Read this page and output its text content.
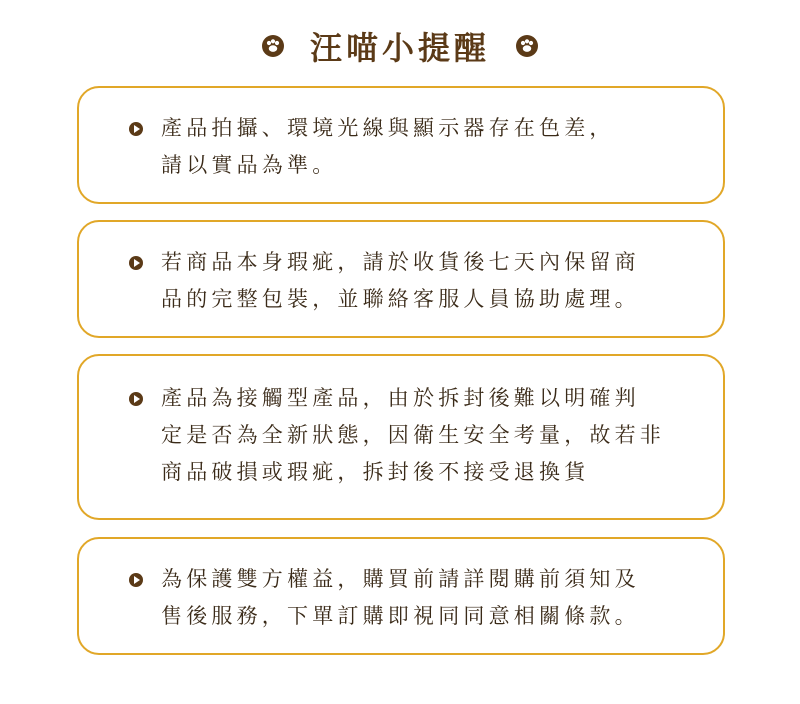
汪喵小提醒
產品拍攝、環境光線與顯示器存在色差，
請以實品為準。
若商品本身瑕疵，請於收貨後七天內保留商
品的完整包裝，並聯絡客服人員協助處理。
產品為接觸型產品，由於拆封後難以明確判
定是否為全新狀態，因衛生安全考量，故若非
商品破損或瑕疵，拆封後不接受退換貨
為保護雙方權益，購買前請詳閱購前須知及
售後服務，下單訂購即視同同意相關條款。
